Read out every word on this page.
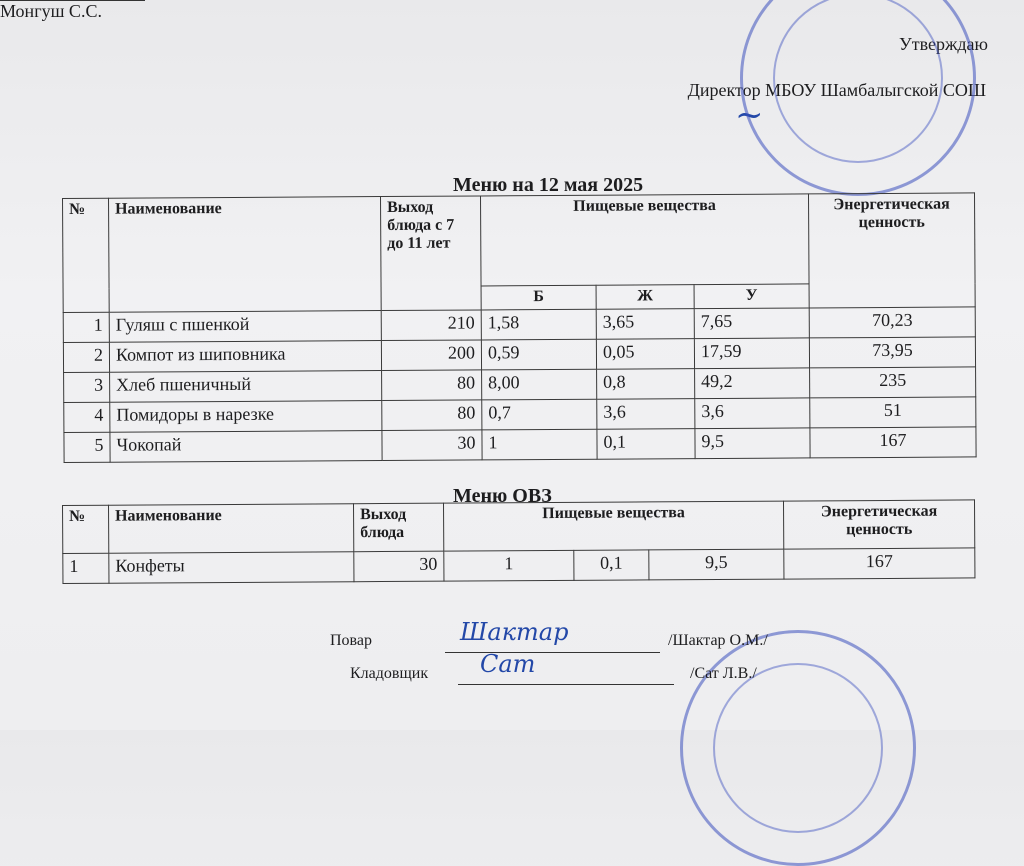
Утверждаю
Директор МБОУ Шамбалыгской СОШ
~
Монгуш С.С.
Меню на 12 мая 2025
№	Наименование	Выход блюда с 7 до 11 лет	Пищевые вещества			Энергетическая ценность
			Б	Ж	У	
1	Гуляш с пшенкой	210	1,58	3,65	7,65	70,23
2	Компот из шиповника	200	0,59	0,05	17,59	73,95
3	Хлеб пшеничный	80	8,00	0,8	49,2	235
4	Помидоры в нарезке	80	0,7	3,6	3,6	51
5	Чокопай	30	1	0,1	9,5	167
Меню ОВЗ
№	Наименование	Выход блюда	Пищевые вещества			Энергетическая ценность
1	Конфеты	30	1	0,1	9,5	167
Повар	Шактар	/Шактар О.М./
Кладовщик Сат	/Сат Л.В./
